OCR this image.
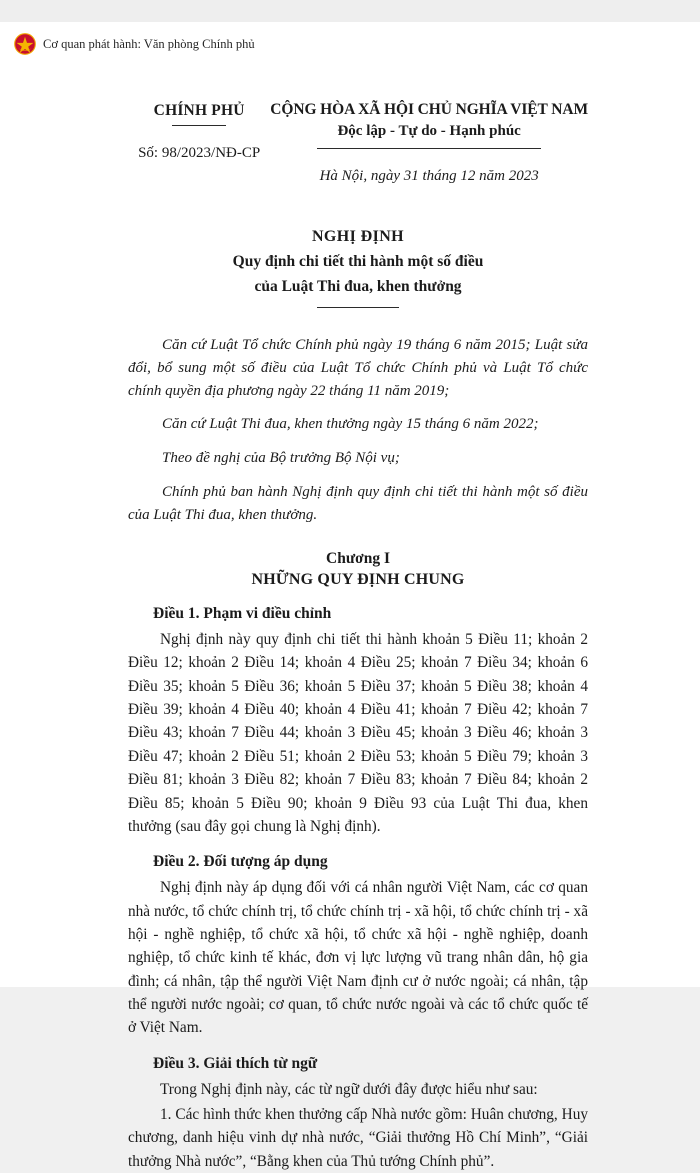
Cơ quan phát hành: Văn phòng Chính phủ
CHÍNH PHỦ
Số: 98/2023/NĐ-CP
CỘNG HÒA XÃ HỘI CHỦ NGHĨA VIỆT NAM
Độc lập - Tự do - Hạnh phúc
Hà Nội, ngày 31 tháng 12 năm 2023
NGHỊ ĐỊNH
Quy định chi tiết thi hành một số điều
của Luật Thi đua, khen thưởng

Căn cứ Luật Tổ chức Chính phủ ngày 19 tháng 6 năm 2015; Luật sửa đổi, bổ sung một số điều của Luật Tổ chức Chính phủ và Luật Tổ chức chính quyền địa phương ngày 22 tháng 11 năm 2019;

Căn cứ Luật Thi đua, khen thưởng ngày 15 tháng 6 năm 2022;

Theo đề nghị của Bộ trưởng Bộ Nội vụ;

Chính phủ ban hành Nghị định quy định chi tiết thi hành một số điều của Luật Thi đua, khen thưởng.

Chương I
NHỮNG QUY ĐỊNH CHUNG

Điều 1. Phạm vi điều chỉnh

Nghị định này quy định chi tiết thi hành khoản 5 Điều 11; khoản 2 Điều 12; khoản 2 Điều 14; khoản 4 Điều 25; khoản 7 Điều 34; khoản 6 Điều 35; khoản 5 Điều 36; khoản 5 Điều 37; khoản 5 Điều 38; khoản 4 Điều 39; khoản 4 Điều 40; khoản 4 Điều 41; khoản 7 Điều 42; khoản 7 Điều 43; khoản 7 Điều 44; khoản 3 Điều 45; khoản 3 Điều 46; khoản 3 Điều 47; khoản 2 Điều 51; khoản 2 Điều 53; khoản 5 Điều 79; khoản 3 Điều 81; khoản 3 Điều 82; khoản 7 Điều 83; khoản 7 Điều 84; khoản 2 Điều 85; khoản 5 Điều 90; khoản 9 Điều 93 của Luật Thi đua, khen thưởng (sau đây gọi chung là Nghị định).

Điều 2. Đối tượng áp dụng

Nghị định này áp dụng đối với cá nhân người Việt Nam, các cơ quan nhà nước, tổ chức chính trị, tổ chức chính trị - xã hội, tổ chức chính trị - xã hội - nghề nghiệp, tổ chức xã hội, tổ chức xã hội - nghề nghiệp, doanh nghiệp, tổ chức kinh tế khác, đơn vị lực lượng vũ trang nhân dân, hộ gia đình; cá nhân, tập thể người Việt Nam định cư ở nước ngoài; cá nhân, tập thể người nước ngoài; cơ quan, tổ chức nước ngoài và các tổ chức quốc tế ở Việt Nam.

Điều 3. Giải thích từ ngữ

Trong Nghị định này, các từ ngữ dưới đây được hiểu như sau:

1. Các hình thức khen thưởng cấp Nhà nước gồm: Huân chương, Huy chương, danh hiệu vinh dự nhà nước, “Giải thưởng Hồ Chí Minh”, “Giải thưởng Nhà nước”, “Bằng khen của Thủ tướng Chính phủ”.
